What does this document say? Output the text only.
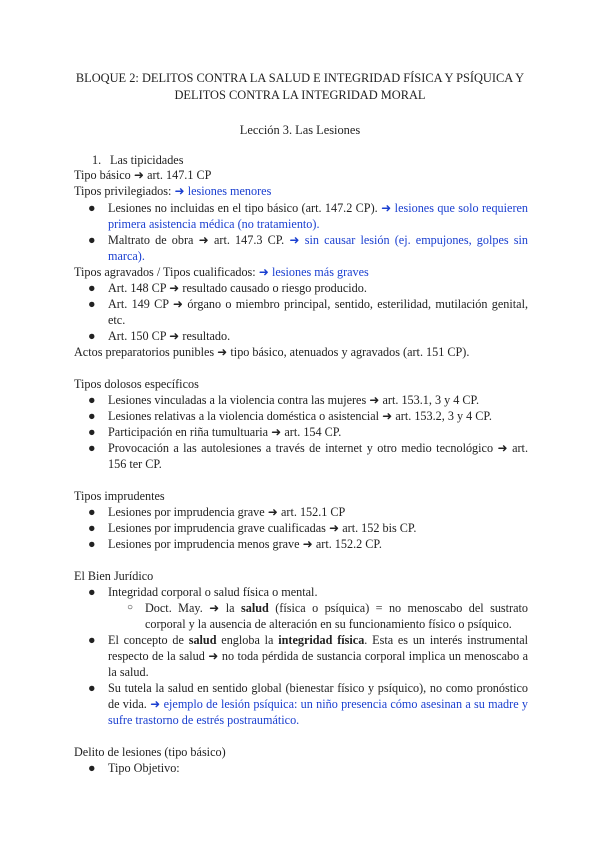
BLOQUE 2: DELITOS CONTRA LA SALUD E INTEGRIDAD FÍSICA Y PSÍQUICA Y
DELITOS CONTRA LA INTEGRIDAD MORAL
Lección 3. Las Lesiones
1. Las tipicidades
Tipo básico ➜ art. 147.1 CP
Tipos privilegiados: ➜ lesiones menores
● Lesiones no incluidas en el tipo básico (art. 147.2 CP). ➜ lesiones que solo requieren primera asistencia médica (no tratamiento).
● Maltrato de obra ➜ art. 147.3 CP. ➜ sin causar lesión (ej. empujones, golpes sin marca).
Tipos agravados / Tipos cualificados: ➜ lesiones más graves
● Art. 148 CP ➜ resultado causado o riesgo producido.
● Art. 149 CP ➜ órgano o miembro principal, sentido, esterilidad, mutilación genital, etc.
● Art. 150 CP ➜ resultado.
Actos preparatorios punibles ➜ tipo básico, atenuados y agravados (art. 151 CP).
Tipos dolosos específicos
● Lesiones vinculadas a la violencia contra las mujeres ➜ art. 153.1, 3 y 4 CP.
● Lesiones relativas a la violencia doméstica o asistencial ➜ art. 153.2, 3 y 4 CP.
● Participación en riña tumultuaria ➜ art. 154 CP.
● Provocación a las autolesiones a través de internet y otro medio tecnológico ➜ art. 156 ter CP.
Tipos imprudentes
● Lesiones por imprudencia grave ➜ art. 152.1 CP
● Lesiones por imprudencia grave cualificadas ➜ art. 152 bis CP.
● Lesiones por imprudencia menos grave ➜ art. 152.2 CP.
El Bien Jurídico
● Integridad corporal o salud física o mental.
○ Doct. May. ➜ la salud (física o psíquica) = no menoscabo del sustrato corporal y la ausencia de alteración en su funcionamiento físico o psíquico.
● El concepto de salud engloba la integridad física. Esta es un interés instrumental respecto de la salud ➜ no toda pérdida de sustancia corporal implica un menoscabo a la salud.
● Su tutela la salud en sentido global (bienestar físico y psíquico), no como pronóstico de vida. ➜ ejemplo de lesión psíquica: un niño presencia cómo asesinan a su madre y sufre trastorno de estrés postraumático.
Delito de lesiones (tipo básico)
● Tipo Objetivo:
